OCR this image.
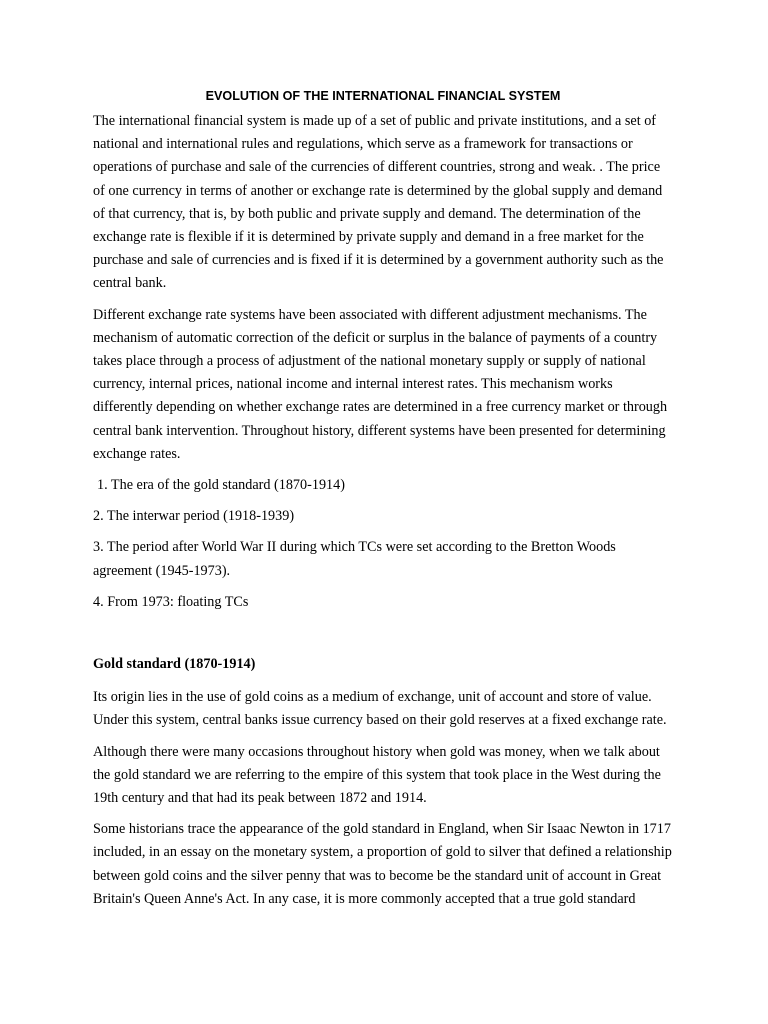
EVOLUTION OF THE INTERNATIONAL FINANCIAL SYSTEM

The international financial system is made up of a set of public and private institutions, and a set of national and international rules and regulations, which serve as a framework for transactions or operations of purchase and sale of the currencies of different countries, strong and weak. . The price of one currency in terms of another or exchange rate is determined by the global supply and demand of that currency, that is, by both public and private supply and demand. The determination of the exchange rate is flexible if it is determined by private supply and demand in a free market for the purchase and sale of currencies and is fixed if it is determined by a government authority such as the central bank.

Different exchange rate systems have been associated with different adjustment mechanisms. The mechanism of automatic correction of the deficit or surplus in the balance of payments of a country takes place through a process of adjustment of the national monetary supply or supply of national currency, internal prices, national income and internal interest rates. This mechanism works differently depending on whether exchange rates are determined in a free currency market or through central bank intervention. Throughout history, different systems have been presented for determining exchange rates.

1. The era of the gold standard (1870-1914)
2. The interwar period (1918-1939)
3. The period after World War II during which TCs were set according to the Bretton Woods agreement (1945-1973).
4. From 1973: floating TCs
Gold standard (1870-1914)

Its origin lies in the use of gold coins as a medium of exchange, unit of account and store of value. Under this system, central banks issue currency based on their gold reserves at a fixed exchange rate.

Although there were many occasions throughout history when gold was money, when we talk about the gold standard we are referring to the empire of this system that took place in the West during the 19th century and that had its peak between 1872 and 1914.

Some historians trace the appearance of the gold standard in England, when Sir Isaac Newton in 1717 included, in an essay on the monetary system, a proportion of gold to silver that defined a relationship between gold coins and the silver penny that was to become be the standard unit of account in Great Britain's Queen Anne's Act. In any case, it is more commonly accepted that a true gold standard
